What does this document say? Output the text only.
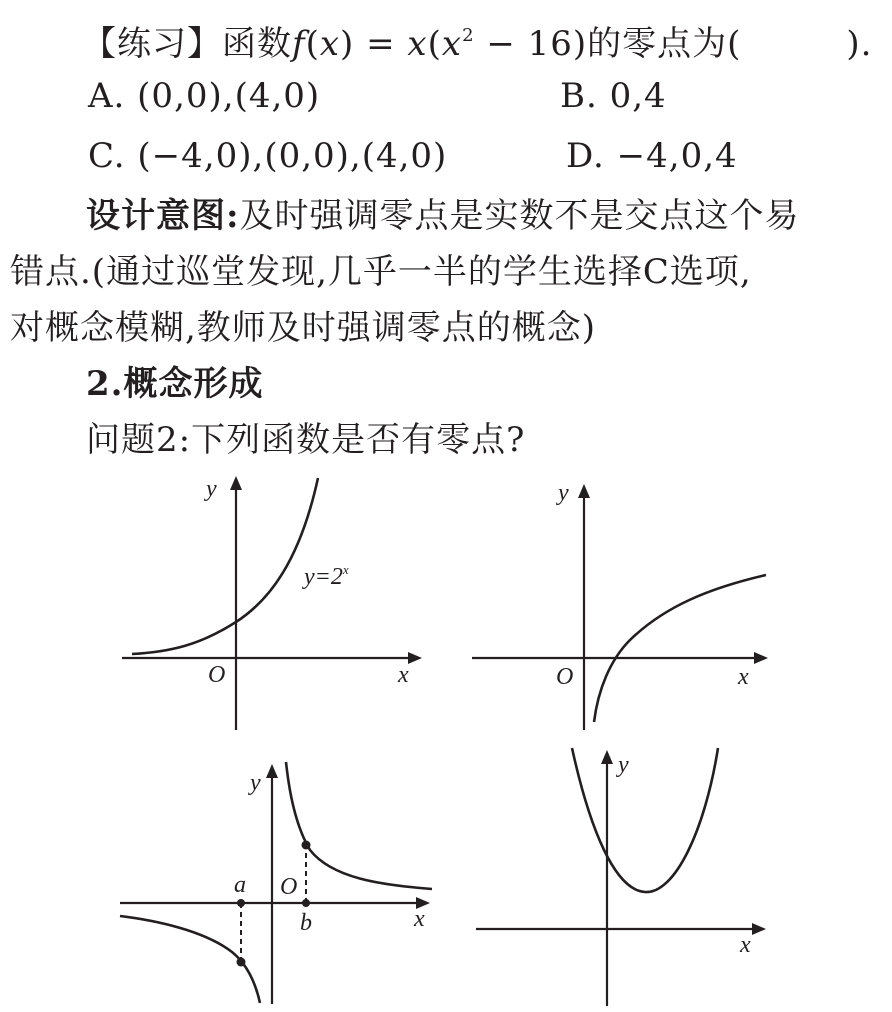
【练习】函数$f(x) = x(x^2 - 16)$的零点为(　　　).
A. (0,0),(4,0)	B. 0,4
C. (−4,0),(0,0),(4,0)	D. −4,0,4
设计意图:及时强调零点是实数不是交点这个易
错点.(通过巡堂发现,几乎一半的学生选择C选项,
对概念模糊,教师及时强调零点的概念)
2.概念形成
问题2:下列函数是否有零点?
y
x
O
$y=2^x$
y
x
O
y
x
O
a
b
y
x
